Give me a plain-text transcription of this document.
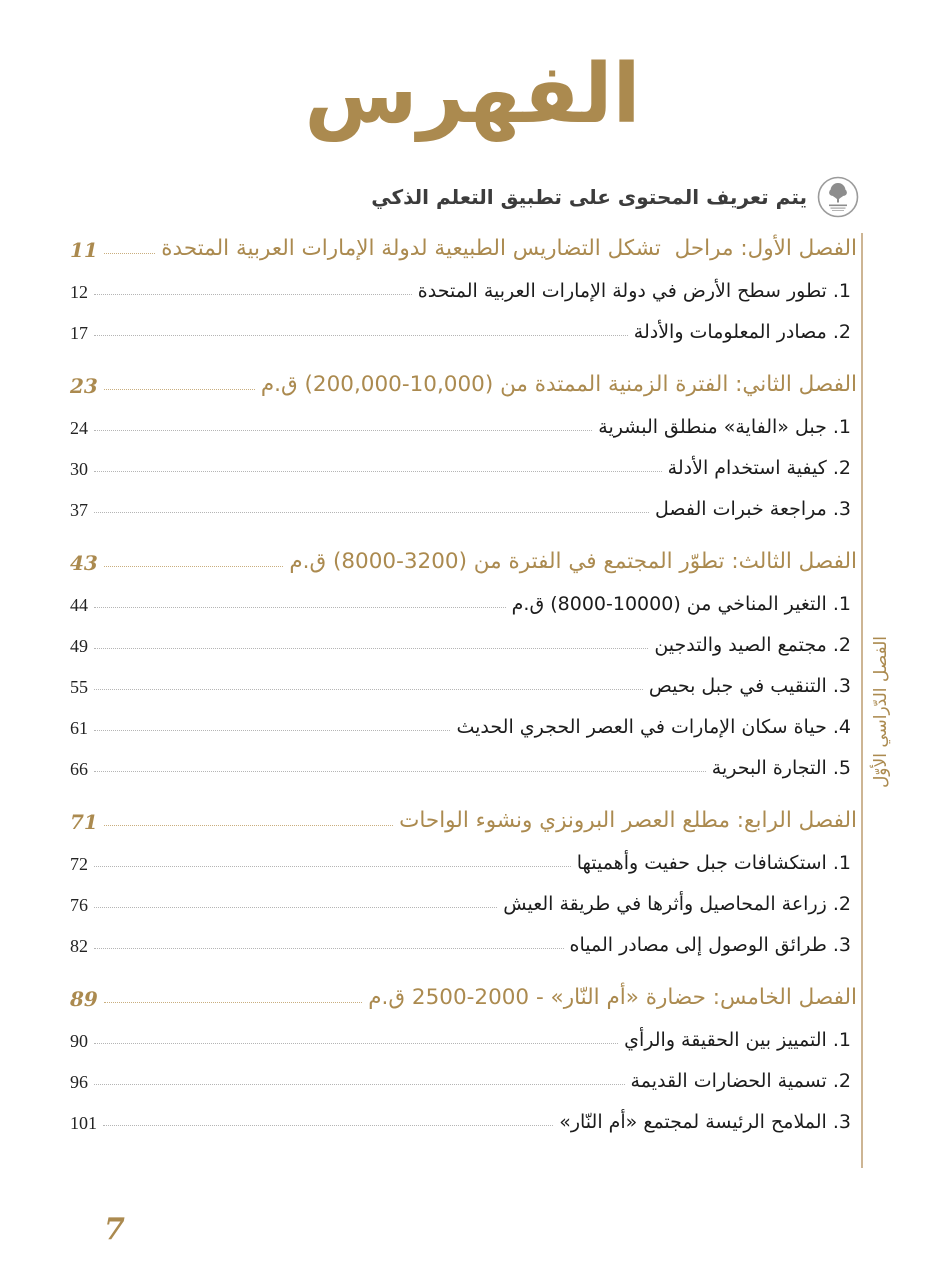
الفهرس
يتم تعريف المحتوى على تطبيق التعلم الذكي
الفصل الأول: مراحل  تشكل التضاريس الطبيعية لدولة الإمارات العربية المتحدة
11
1. تطور سطح الأرض في دولة الإمارات العربية المتحدة
12
2. مصادر المعلومات والأدلة
17
الفصل الثاني: الفترة الزمنية الممتدة من (10,000-200,000) ق.م
23
1. جبل «الفاية» منطلق البشرية
24
2. كيفية استخدام الأدلة
30
3. مراجعة خبرات الفصل
37
الفصل الثالث: تطوّر المجتمع في الفترة من (3200-8000) ق.م
43
1. التغير المناخي من (10000-8000) ق.م
44
2. مجتمع الصيد والتدجين
49
3. التنقيب في جبل بحيص
55
4. حياة سكان الإمارات في العصر الحجري الحديث
61
5. التجارة البحرية
66
الفصل الرابع: مطلع العصر البرونزي ونشوء الواحات
71
1. استكشافات جبل حفيت وأهميتها
72
2. زراعة المحاصيل وأثرها في طريقة العيش
76
3. طرائق الوصول إلى مصادر المياه
82
الفصل الخامس: حضارة «أم النّار» - 2000-2500 ق.م
89
1. التمييز بين الحقيقة والرأي
90
2. تسمية الحضارات القديمة
96
3. الملامح الرئيسة لمجتمع «أم النّار»
101
الفصل الدّراسي الأوّل
7
